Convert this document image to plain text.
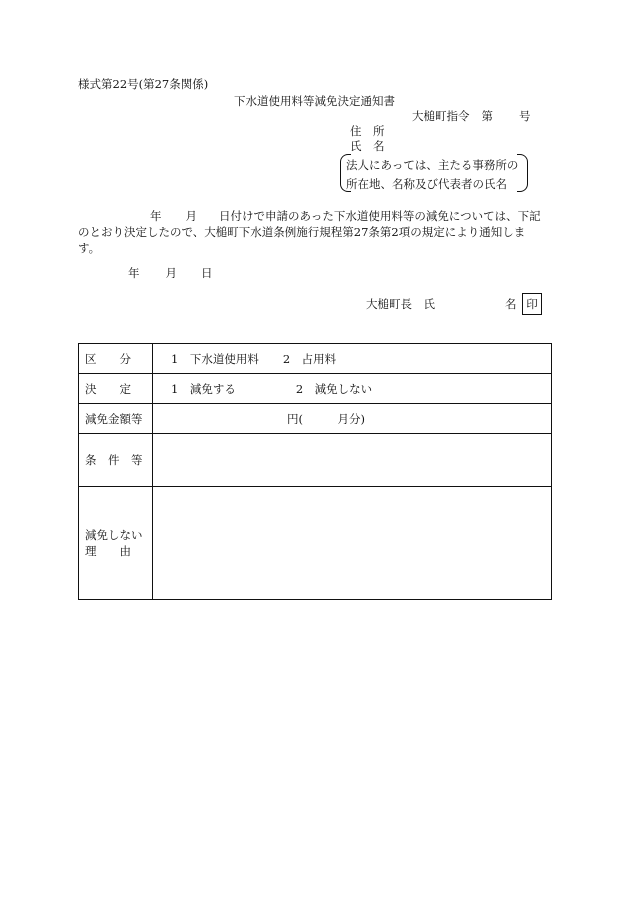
様式第22号(第27条関係)
下水道使用料等減免決定通知書
大槌町指令 第 号
住　所
氏　名
法人にあっては、主たる事務所の
所在地、名称及び代表者の氏名
年 月 日付けで申請のあった下水道使用料等の減免については、下記
のとおり決定したので、大槌町下水道条例施行規程第27条第2項の規定により通知しま
す。
年 月 日
大槌町長　氏	名 印
区　　分	1　下水道使用料 2　占用料
決　　定	1　減免する 2　減免しない
減免金額等	円(　　　月分)
条　件　等	

減免しない
理　　由	
